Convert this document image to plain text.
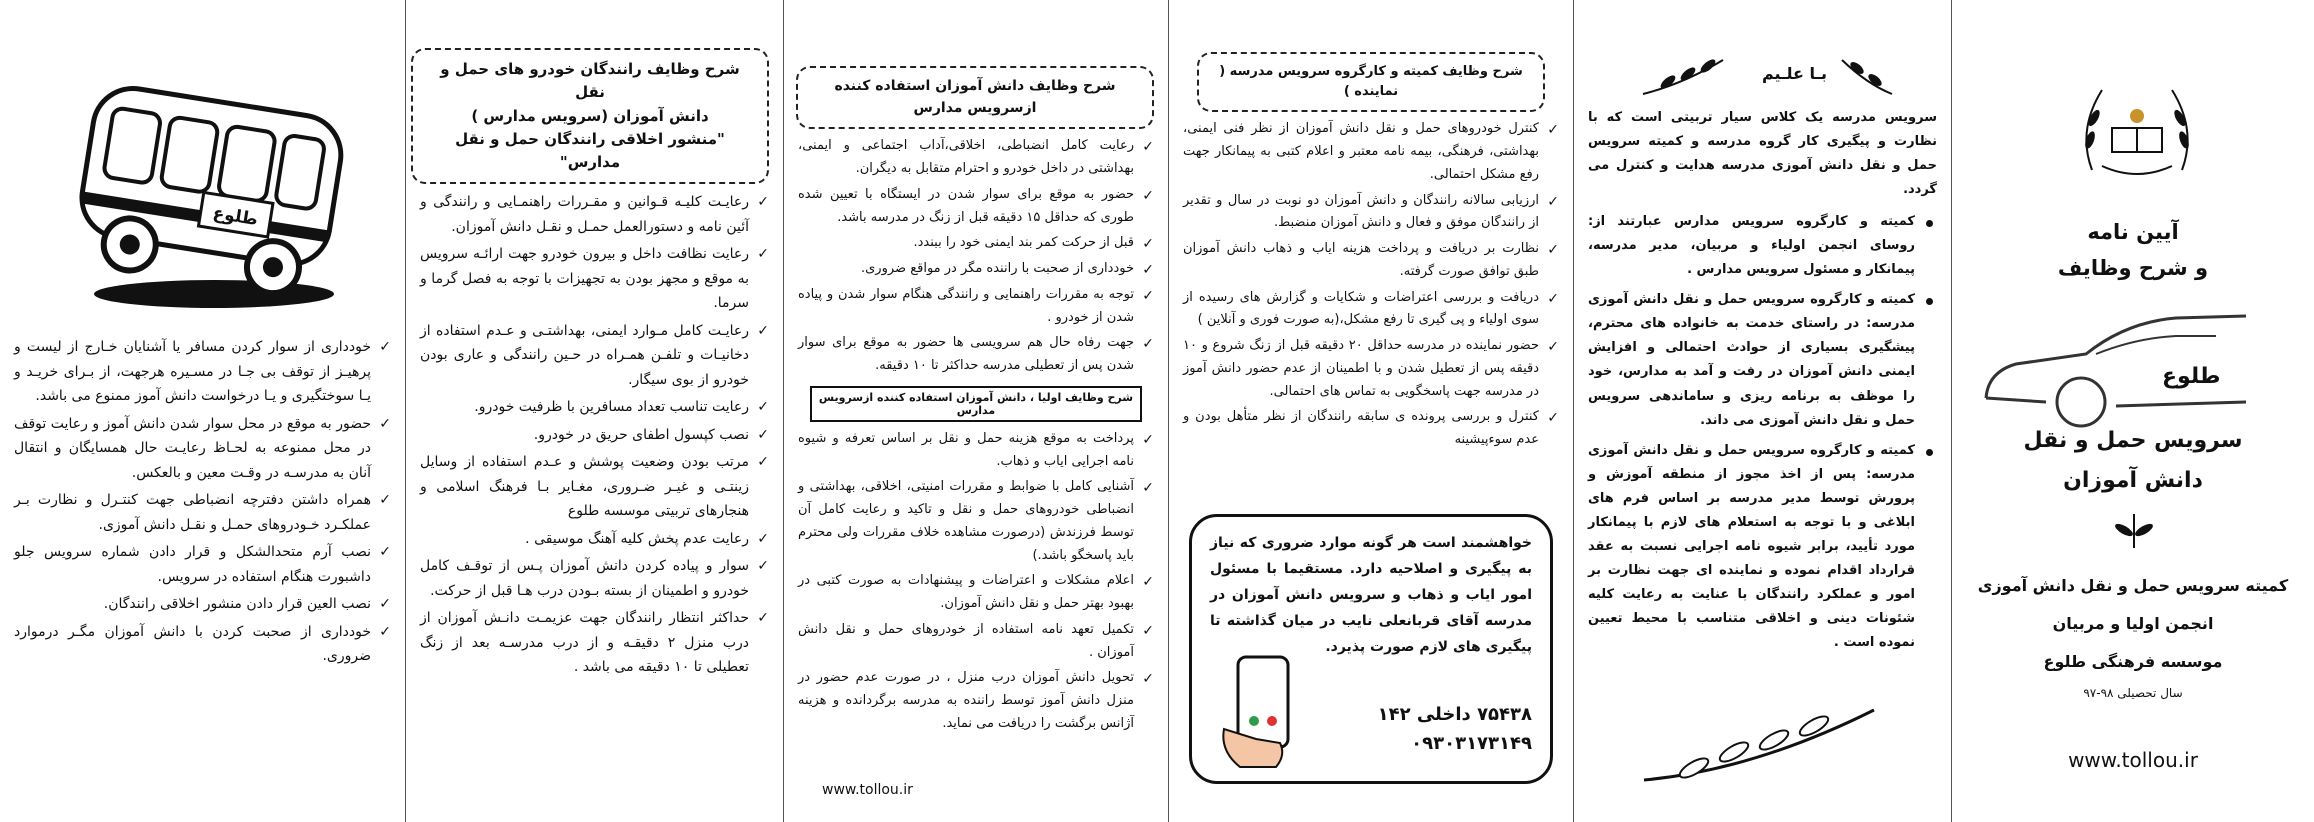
طلوع
✓ خودداری از سوار کردن مسافر یا آشنایان خـارج از لیست و پرهیـز از توقف بی جـا در مسـیره هرجهت، از بـرای خریـد و یـا سوختگیری و یـا درخواست دانش آموز ممنوع می باشد.
✓ حضور به موقع در محل سوار شدن دانش آموز و رعایت توقف در محل ممنوعه به لحـاظ رعایـت حال همسایگان و انتقال آنان به مدرسـه در وقـت معین و بالعکس.
✓ همراه داشتن دفترچه انضباطی جهت کنتـرل و نظارت بـر عملکـرد خـودروهای حمـل و نقـل دانش آموزی.
✓ نصب آرم متحدالشکل و قرار دادن شماره سرویس جلو داشبورت هنگام استفاده در سرویس.
✓ نصب العین قرار دادن منشور اخلاقی رانندگان.
✓ خودداری از صحبت کردن با دانش آموزان مگـر درموارد ضروری.
شرح وظایف رانندگان خودرو های حمل و نقل
دانش آموزان (سرویس مدارس )
"منشور اخلاقی رانندگان حمل و نقل مدارس"
✓ رعایـت کلیـه قـوانین و مقـررات راهنمـایی و رانندگی و آئین نامه و دستورالعمل حمـل و نقـل دانش آموزان.
✓ رعایت نظافت داخل و بیرون خودرو جهت ارائـه سرویس به موقع و مجهز بودن به تجهیزات با توجه به فصل گرما و سرما.
✓ رعایـت کامل مـوارد ایمنی، بهداشتـی و عـدم استفاده از دخانیـات و تلفـن همـراه در حـین رانندگی و عاری بودن خودرو از بوی سیگار.
✓ رعایت تناسب تعداد مسافرین با ظرفیت خودرو.
✓ نصب کپسول اطفای حریق در خودرو.
✓ مرتب بودن وضعیت پوشش و عـدم استفاده از وسایل زینتـی و غیـر ضـروری، مغـایر بـا فرهنگ اسلامی و هنجارهای تربیتی موسسه طلوع
✓ رعایت عدم پخش کلیه آهنگ موسیقی .
✓ سوار و پیاده کردن دانش آموزان پـس از توقـف کامل خودرو و اطمینان از بسته بـودن درب هـا قبل از حرکت.
✓ حداکثر انتظار رانندگان جهت عزیمـت دانـش آموزان از درب منزل ۲ دقیقـه و از درب مدرسـه بعد از زنگ تعطیلی تا ۱۰ دقیقه می باشد .
شرح وظایف دانش آموزان استفاده کننده ازسرویس مدارس
✓ رعایت کامل انضباطی، اخلاقی،آداب اجتماعی و ایمنی، بهداشتی در داخل خودرو و احترام متقابل به دیگران.
✓ حضور به موقع برای سوار شدن در ایستگاه با تعیین شده طوری که حداقل ۱۵ دقیقه قبل از زنگ در مدرسه باشد.
✓ قبل از حرکت کمر بند ایمنی خود را ببندد.
✓ خودداری از صحبت با راننده مگر در مواقع ضروری.
✓ توجه به مقررات راهنمایی و رانندگی هنگام سوار شدن و پیاده شدن از خودرو .
✓ جهت رفاه حال هم سرویسی ها حضور به موقع برای سوار شدن پس از تعطیلی مدرسه حداکثر تا ۱۰ دقیقه.
شرح وظایف اولیا ، دانش آموزان استفاده کننده ازسرویس مدارس
✓ پرداخت به موقع هزینه حمل و نقل بر اساس تعرفه و شیوه نامه اجرایی ایاب و ذهاب.
✓ آشنایی کامل با ضوابط و مقررات امنیتی، اخلاقی، بهداشتی و انضباطی خودروهای حمل و نقل و تاکید و رعایت کامل آن توسط فرزندش (درصورت مشاهده خلاف مقررات ولی محترم باید پاسخگو باشد.)
✓ اعلام مشکلات و اعتراضات و پیشنهادات به صورت کتبی در بهبود بهتر حمل و نقل دانش آموزان.
✓ تکمیل تعهد نامه استفاده از خودروهای حمل و نقل دانش آموزان .
✓ تحویل دانش آموزان درب منزل ، در صورت عدم حضور در منزل دانش آموز توسط راننده به مدرسه برگردانده و هزینه آژانس برگشت را دریافت می نماید.
www.tollou.ir
شرح وظایف کمیته و کارگروه سرویس مدرسه ( نماینده )
✓ کنترل خودروهای حمل و نقل دانش آموزان از نظر فنی ایمنی، بهداشتی، فرهنگی، بیمه نامه معتبر و اعلام کتبی به پیمانکار جهت رفع مشکل احتمالی.
✓ ارزیابی سالانه رانندگان و دانش آموزان دو نوبت در سال و تقدیر از رانندگان موفق و فعال و دانش آموزان منضبط.
✓ نظارت بر دریافت و پرداخت هزینه ایاب و ذهاب دانش آموزان طبق توافق صورت گرفته.
✓ دریافت و بررسی اعتراضات و شکایات و گزارش های رسیده از سوی اولیاء و پی گیری تا رفع مشکل،(به صورت فوری و آنلاین )
✓ حضور نماینده در مدرسه حداقل ۲۰ دقیقه قبل از زنگ شروع و ۱۰ دقیقه پس از تعطیل شدن و با اطمینان از عدم حضور دانش آموز در مدرسه جهت پاسخگویی به تماس های احتمالی.
✓ کنترل و بررسی پرونده ی سابقه رانندگان از نظر متأهل بودن و عدم سوءپیشینه
خواهشمند است هر گونه موارد ضروری که نیاز به پیگیری و اصلاحیه دارد. مستقیما با مسئول امور ایاب و ذهاب و سرویس دانش آموزان در مدرسه آقای قربانعلی نایب در میان گذاشته تا پیگیری های لازم صورت پذیرد.
۷۵۴۳۸ داخلی ۱۴۲
۰۹۳۰۳۱۷۳۱۴۹
بـا علـیم

سرویس مدرسه یک کلاس سیار تربیتی است که با نظارت و پیگیری کار گروه مدرسه و کمیته سرویس حمل و نقل دانش آموزی مدرسه هدایت و کنترل می گردد.

کمیته و کارگروه سرویس مدارس عبارتند از: روسای انجمن اولیاء و مربیان، مدیر مدرسه، پیمانکار و مسئول سرویس مدارس .
کمیته و کارگروه سرویس حمل و نقل دانش آموزی مدرسه: در راستای خدمت به خانواده های محترم، پیشگیری بسیاری از حوادث احتمالی و افزایش ایمنی دانش آموزان در رفت و آمد به مدارس، خود را موظف به برنامه ریزی و ساماندهی سرویس حمل و نقل دانش آموزی می داند.
کمیته و کارگروه سرویس حمل و نقل دانش آموزی مدرسه: پس از اخذ مجوز از منطقه آموزش و پرورش توسط مدیر مدرسه بر اساس فرم های ابلاغی و با توجه به استعلام های لازم با پیمانکار مورد تأیید، برابر شیوه نامه اجرایی نسبت به عقد قرارداد اقدام نموده و نماینده ای جهت نظارت بر امور و عملکرد رانندگان با عنایت به رعایت کلیه شئونات دینی و اخلاقی متناسب با محیط تعیین نموده است .
آیین نامه
و شرح وظایف
طلوع
سرویس حمل و نقل
دانش آموزان
کمیته سرویس حمل و نقل دانش آموزی
انجمن اولیا و مربیان
موسسه فرهنگی طلوع
سال تحصیلی ۹۸-۹۷
www.tollou.ir
